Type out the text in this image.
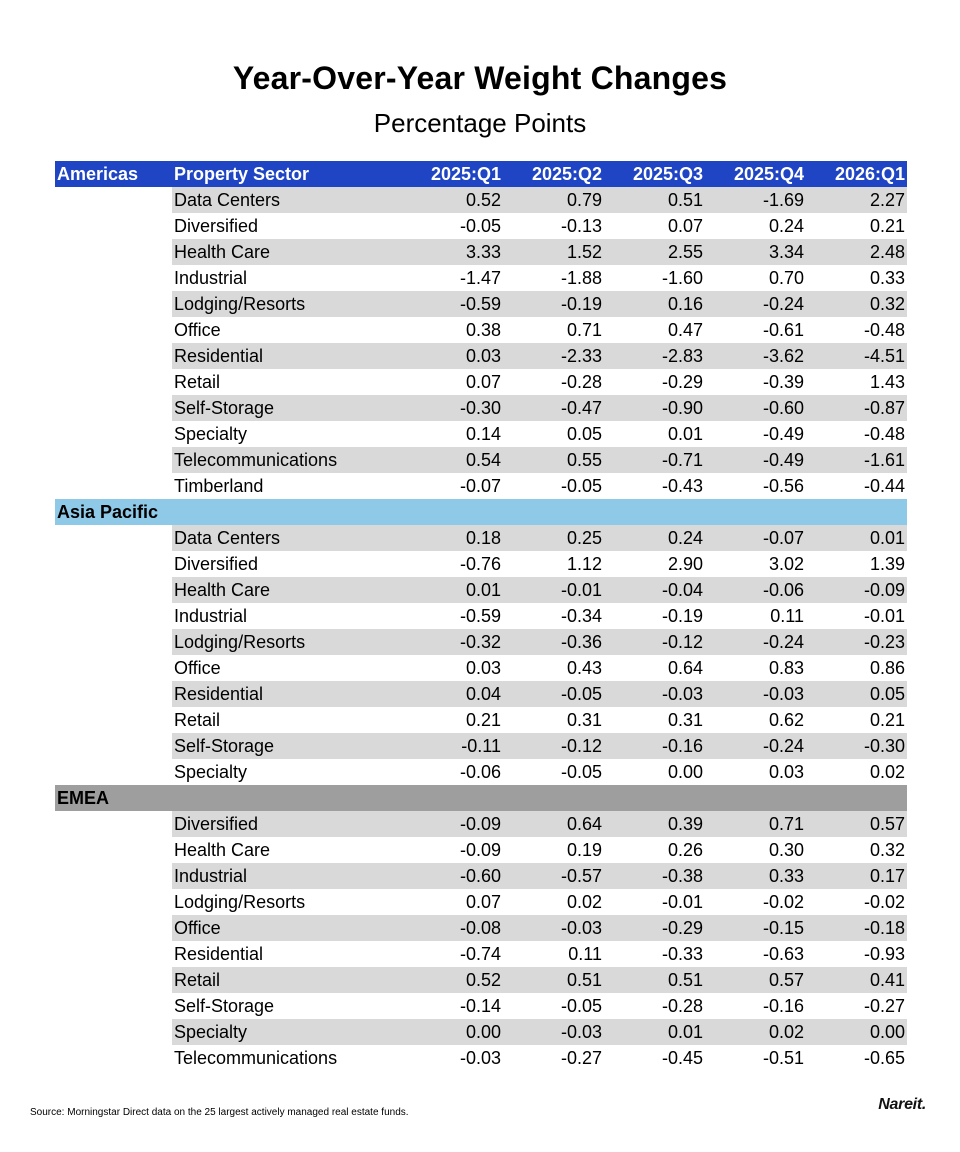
Year-Over-Year Weight Changes
Percentage Points
Americas	Property Sector	2025:Q1	2025:Q2	2025:Q3	2025:Q4	2026:Q1
	Data Centers	0.52	0.79	0.51	-1.69	2.27
	Diversified	-0.05	-0.13	0.07	0.24	0.21
	Health Care	3.33	1.52	2.55	3.34	2.48
	Industrial	-1.47	-1.88	-1.60	0.70	0.33
	Lodging/Resorts	-0.59	-0.19	0.16	-0.24	0.32
	Office	0.38	0.71	0.47	-0.61	-0.48
	Residential	0.03	-2.33	-2.83	-3.62	-4.51
	Retail	0.07	-0.28	-0.29	-0.39	1.43
	Self-Storage	-0.30	-0.47	-0.90	-0.60	-0.87
	Specialty	0.14	0.05	0.01	-0.49	-0.48
	Telecommunications	0.54	0.55	-0.71	-0.49	-1.61
	Timberland	-0.07	-0.05	-0.43	-0.56	-0.44
Asia Pacific						
	Data Centers	0.18	0.25	0.24	-0.07	0.01
	Diversified	-0.76	1.12	2.90	3.02	1.39
	Health Care	0.01	-0.01	-0.04	-0.06	-0.09
	Industrial	-0.59	-0.34	-0.19	0.11	-0.01
	Lodging/Resorts	-0.32	-0.36	-0.12	-0.24	-0.23
	Office	0.03	0.43	0.64	0.83	0.86
	Residential	0.04	-0.05	-0.03	-0.03	0.05
	Retail	0.21	0.31	0.31	0.62	0.21
	Self-Storage	-0.11	-0.12	-0.16	-0.24	-0.30
	Specialty	-0.06	-0.05	0.00	0.03	0.02
EMEA						
	Diversified	-0.09	0.64	0.39	0.71	0.57
	Health Care	-0.09	0.19	0.26	0.30	0.32
	Industrial	-0.60	-0.57	-0.38	0.33	0.17
	Lodging/Resorts	0.07	0.02	-0.01	-0.02	-0.02
	Office	-0.08	-0.03	-0.29	-0.15	-0.18
	Residential	-0.74	0.11	-0.33	-0.63	-0.93
	Retail	0.52	0.51	0.51	0.57	0.41
	Self-Storage	-0.14	-0.05	-0.28	-0.16	-0.27
	Specialty	0.00	-0.03	0.01	0.02	0.00
	Telecommunications	-0.03	-0.27	-0.45	-0.51	-0.65
Source: Morningstar Direct data on the 25 largest actively managed real estate funds.	Nareit.
